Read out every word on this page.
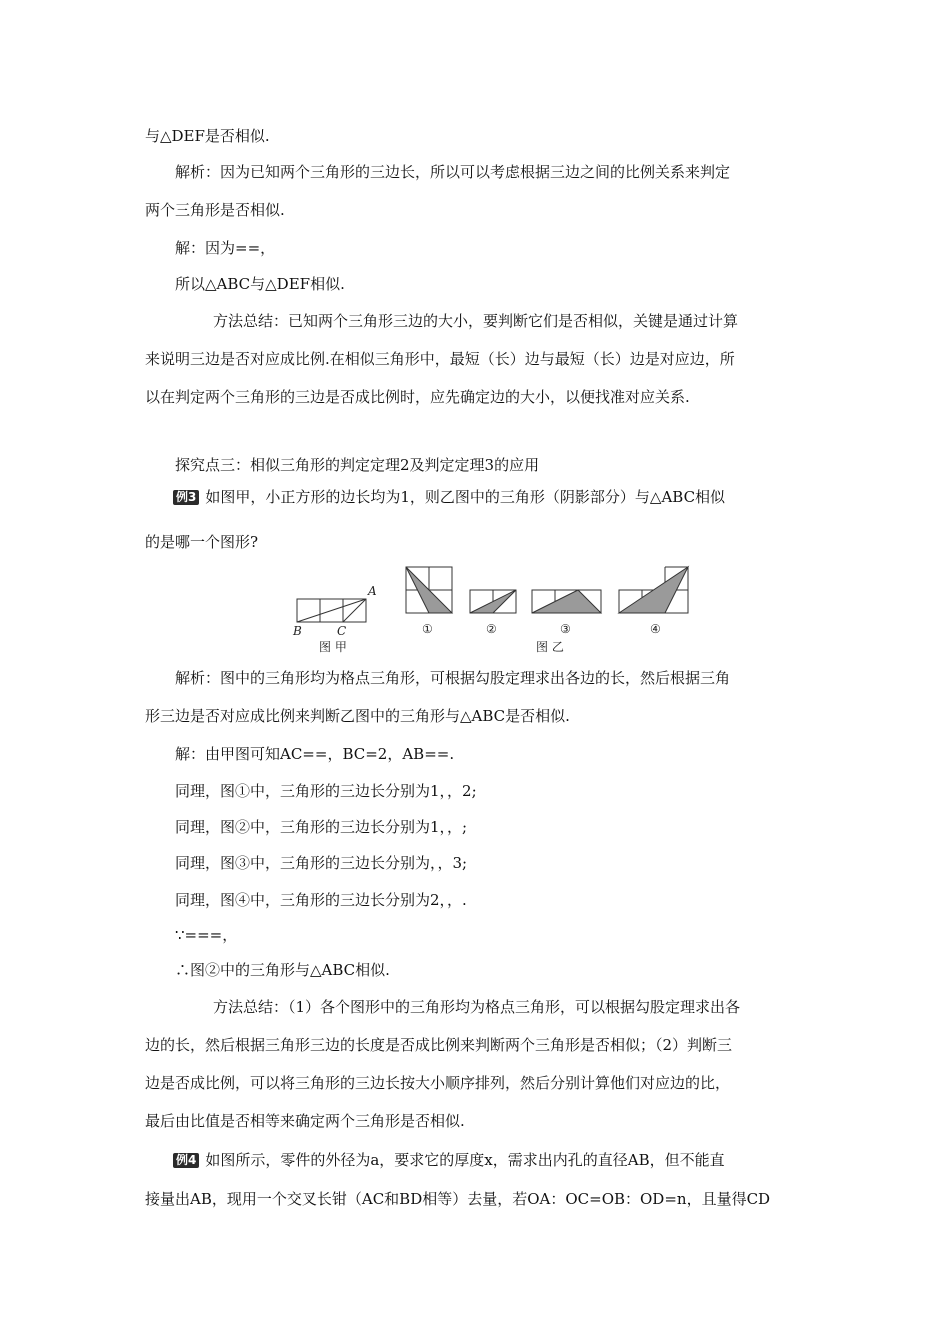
与△DEF是否相似.
解析：因为已知两个三角形的三边长，所以可以考虑根据三边之间的比例关系来判定
两个三角形是否相似.
解：因为==，
所以△ABC与△DEF相似.
方法总结：已知两个三角形三边的大小，要判断它们是否相似，关键是通过计算
来说明三边是否对应成比例.在相似三角形中，最短（长）边与最短（长）边是对应边，所
以在判定两个三角形的三边是否成比例时，应先确定边的大小，以便找准对应关系.
探究点三：相似三角形的判定定理2及判定定理3的应用
例3 如图甲，小正方形的边长均为1，则乙图中的三角形（阴影部分）与△ABC相似
的是哪一个图形?
A
B	C
图 甲
①	②	③	④
图 乙
解析：图中的三角形均为格点三角形，可根据勾股定理求出各边的长，然后根据三角
形三边是否对应成比例来判断乙图中的三角形与△ABC是否相似.
解：由甲图可知AC==，BC=2，AB==.
同理，图①中，三角形的三边长分别为1，，2;
同理，图②中，三角形的三边长分别为1，，;
同理，图③中，三角形的三边长分别为，，3;
同理，图④中，三角形的三边长分别为2，，.
∵===，
∴图②中的三角形与△ABC相似.
方法总结：（1）各个图形中的三角形均为格点三角形，可以根据勾股定理求出各
边的长，然后根据三角形三边的长度是否成比例来判断两个三角形是否相似；（2）判断三
边是否成比例，可以将三角形的三边长按大小顺序排列，然后分别计算他们对应边的比，
最后由比值是否相等来确定两个三角形是否相似.
例4 如图所示，零件的外径为a，要求它的厚度x，需求出内孔的直径AB，但不能直
接量出AB，现用一个交叉长钳（AC和BD相等）去量，若OA：OC=OB：OD=n，且量得CD
